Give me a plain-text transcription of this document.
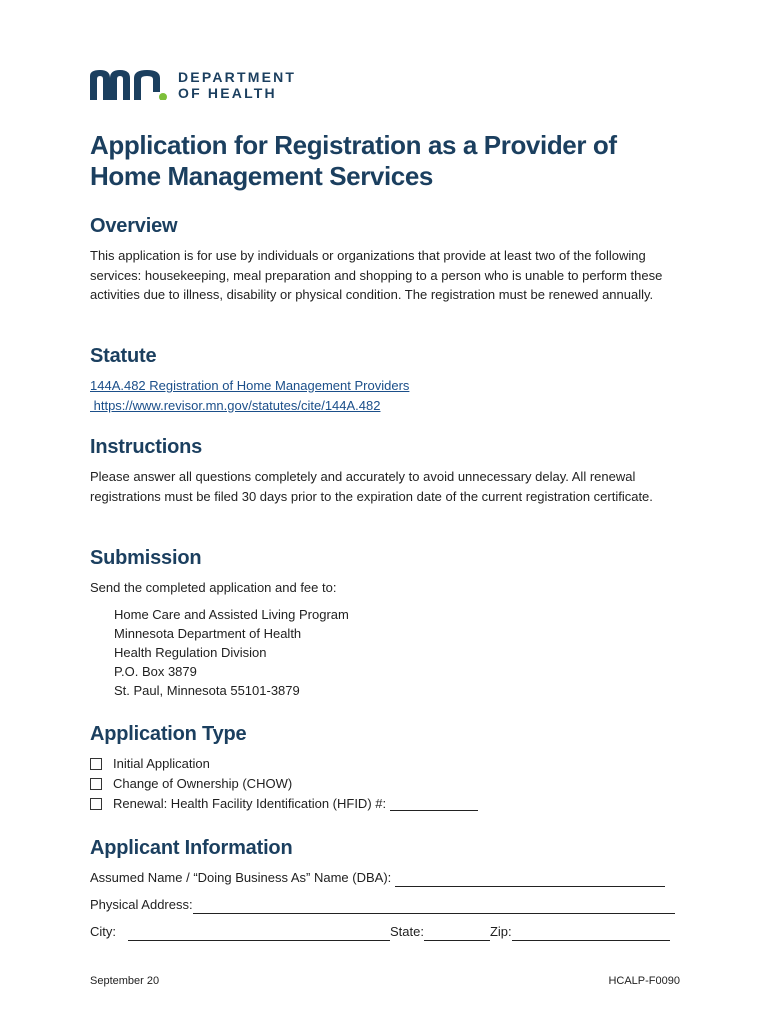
DEPARTMENT
OF HEALTH
Application for Registration as a Provider of Home Management Services
Overview

This application is for use by individuals or organizations that provide at least two of the following services: housekeeping, meal preparation and shopping to a person who is unable to perform these activities due to illness, disability or physical condition. The registration must be renewed annually.

Statute

144A.482 Registration of Home Management Providers
https://www.revisor.mn.gov/statutes/cite/144A.482

Instructions

Please answer all questions completely and accurately to avoid unnecessary delay. All renewal registrations must be filed 30 days prior to the expiration date of the current registration certificate.

Submission

Send the completed application and fee to:

Home Care and Assisted Living Program
Minnesota Department of Health
Health Regulation Division
P.O. Box 3879
St. Paul, Minnesota 55101-3879
Application Type
Initial Application
Change of Ownership (CHOW)
Renewal: Health Facility Identification (HFID) #:
Applicant Information
Assumed Name / “Doing Business As” Name (DBA):
Physical Address:
City:	State:	Zip:
September 20	HCALP-F0090
